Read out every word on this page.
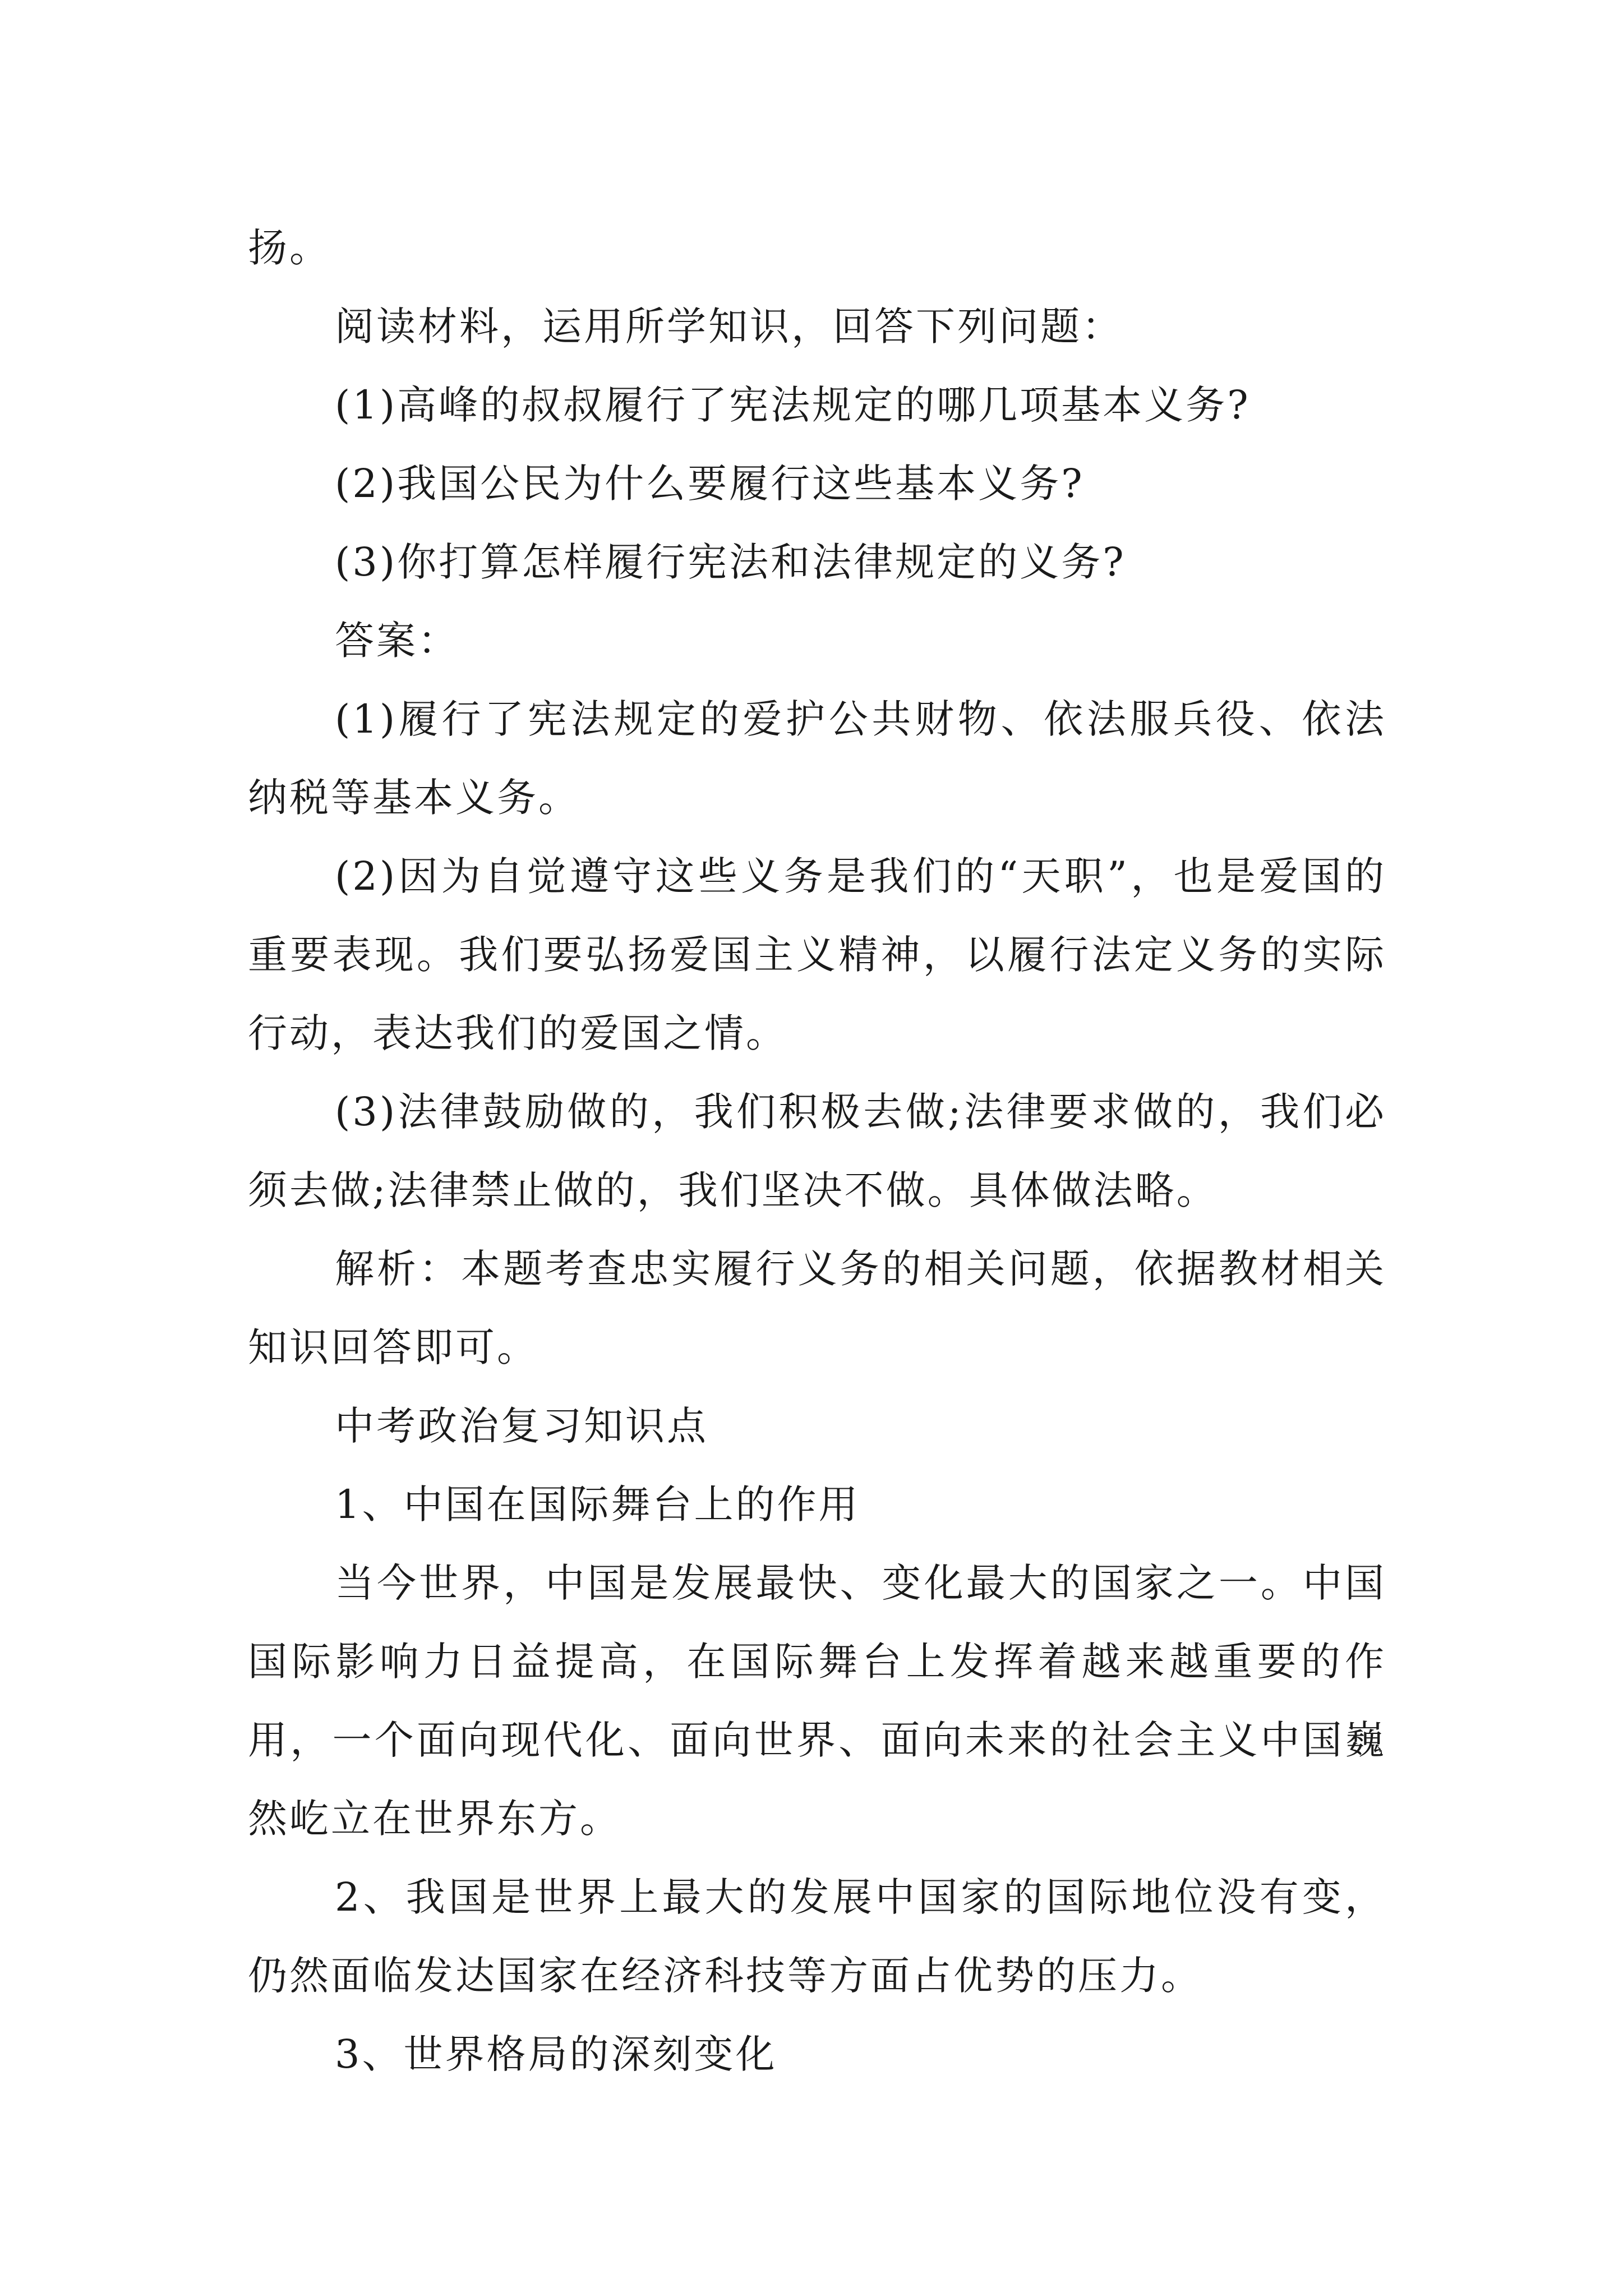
扬。

阅读材料，运用所学知识，回答下列问题：

(1)高峰的叔叔履行了宪法规定的哪几项基本义务?

(2)我国公民为什么要履行这些基本义务?

(3)你打算怎样履行宪法和法律规定的义务?

答案：

(1)履行了宪法规定的爱护公共财物、依法服兵役、依法纳税等基本义务。

(2)因为自觉遵守这些义务是我们的“天职”，也是爱国的重要表现。我们要弘扬爱国主义精神，以履行法定义务的实际行动，表达我们的爱国之情。

(3)法律鼓励做的，我们积极去做;法律要求做的，我们必须去做;法律禁止做的，我们坚决不做。具体做法略。

解析：本题考查忠实履行义务的相关问题，依据教材相关知识回答即可。

中考政治复习知识点

1、中国在国际舞台上的作用

当今世界，中国是发展最快、变化最大的国家之一。中国国际影响力日益提高，在国际舞台上发挥着越来越重要的作用，一个面向现代化、面向世界、面向未来的社会主义中国巍然屹立在世界东方。

2、我国是世界上最大的发展中国家的国际地位没有变，仍然面临发达国家在经济科技等方面占优势的压力。

3、世界格局的深刻变化
